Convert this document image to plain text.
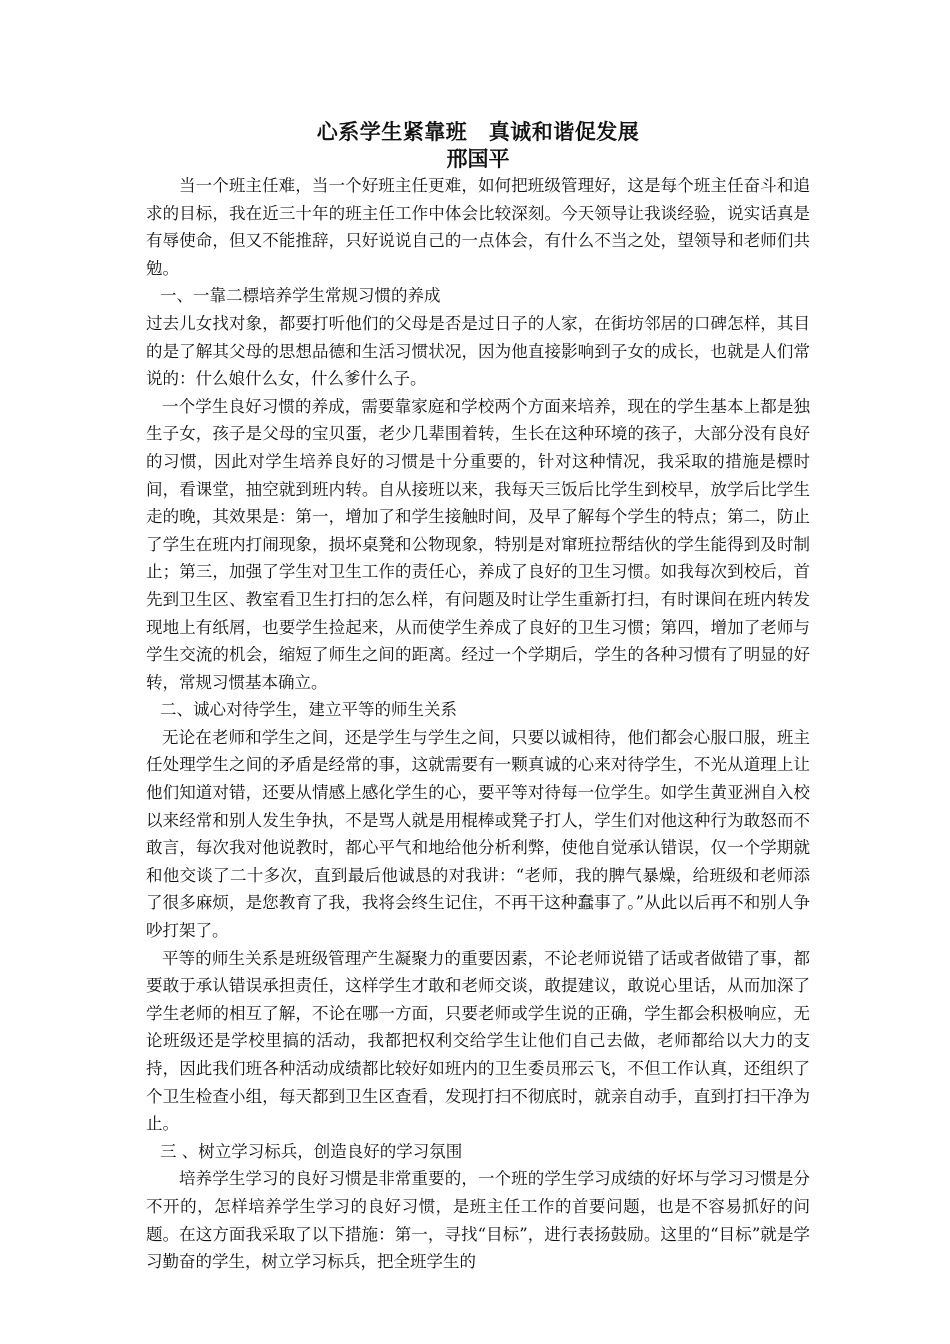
心系学生紧靠班　真诚和谐促发展
邢国平

当一个班主任难，当一个好班主任更难，如何把班级管理好，这是每个班主任奋斗和追求的目标，我在近三十年的班主任工作中体会比较深刻。今天领导让我谈经验，说实话真是有辱使命，但又不能推辞，只好说说自己的一点体会，有什么不当之处，望领导和老师们共勉。

一、一靠二標培养学生常规习惯的养成

过去儿女找对象，都要打听他们的父母是否是过日子的人家，在街坊邻居的口碑怎样，其目的是了解其父母的思想品德和生活习惯状况，因为他直接影响到子女的成长，也就是人们常说的：什么娘什么女，什么爹什么子。

一个学生良好习惯的养成，需要靠家庭和学校两个方面来培养，现在的学生基本上都是独生子女，孩子是父母的宝贝蛋，老少几辈围着转，生长在这种环境的孩子，大部分没有良好的习惯，因此对学生培养良好的习惯是十分重要的，针对这种情况，我采取的措施是標时间，看课堂，抽空就到班内转。自从接班以来，我每天三饭后比学生到校早，放学后比学生走的晚，其效果是：第一，增加了和学生接触时间，及早了解每个学生的特点；第二，防止了学生在班内打闹现象，损坏桌凳和公物现象，特别是对窜班拉帮结伙的学生能得到及时制止；第三，加强了学生对卫生工作的责任心，养成了良好的卫生习惯。如我每次到校后，首先到卫生区、教室看卫生打扫的怎么样，有问题及时让学生重新打扫，有时课间在班内转发现地上有纸屑，也要学生捡起来，从而使学生养成了良好的卫生习惯；第四，增加了老师与学生交流的机会，缩短了师生之间的距离。经过一个学期后，学生的各种习惯有了明显的好转，常规习惯基本确立。

二、诚心对待学生，建立平等的师生关系

无论在老师和学生之间，还是学生与学生之间，只要以诚相待，他们都会心服口服，班主任处理学生之间的矛盾是经常的事，这就需要有一颗真诚的心来对待学生，不光从道理上让他们知道对错，还要从情感上感化学生的心，要平等对待每一位学生。如学生黄亚洲自入校以来经常和别人发生争执，不是骂人就是用棍棒或凳子打人，学生们对他这种行为敢怒而不敢言，每次我对他说教时，都心平气和地给他分析利弊，使他自觉承认错误，仅一个学期就和他交谈了二十多次，直到最后他诚恳的对我讲：“老师，我的脾气暴燥，给班级和老师添了很多麻烦，是您教育了我，我将会终生记住，不再干这种蠢事了。”从此以后再不和别人争吵打架了。

平等的师生关系是班级管理产生凝聚力的重要因素，不论老师说错了话或者做错了事，都要敢于承认错误承担责任，这样学生才敢和老师交谈，敢提建议，敢说心里话，从而加深了学生老师的相互了解，不论在哪一方面，只要老师或学生说的正确，学生都会积极响应，无论班级还是学校里搞的活动，我都把权利交给学生让他们自己去做，老师都给以大力的支持，因此我们班各种活动成绩都比较好如班内的卫生委员邢云飞，不但工作认真，还组织了个卫生检查小组，每天都到卫生区查看，发现打扫不彻底时，就亲自动手，直到打扫干净为止。

三 、树立学习标兵，创造良好的学习氛围

培养学生学习的良好习惯是非常重要的，一个班的学生学习成绩的好坏与学习习惯是分不开的，怎样培养学生学习的良好习惯，是班主任工作的首要问题，也是不容易抓好的问题。在这方面我采取了以下措施：第一，寻找“目标”，进行表扬鼓励。这里的“目标”就是学习勤奋的学生，树立学习标兵，把全班学生的
